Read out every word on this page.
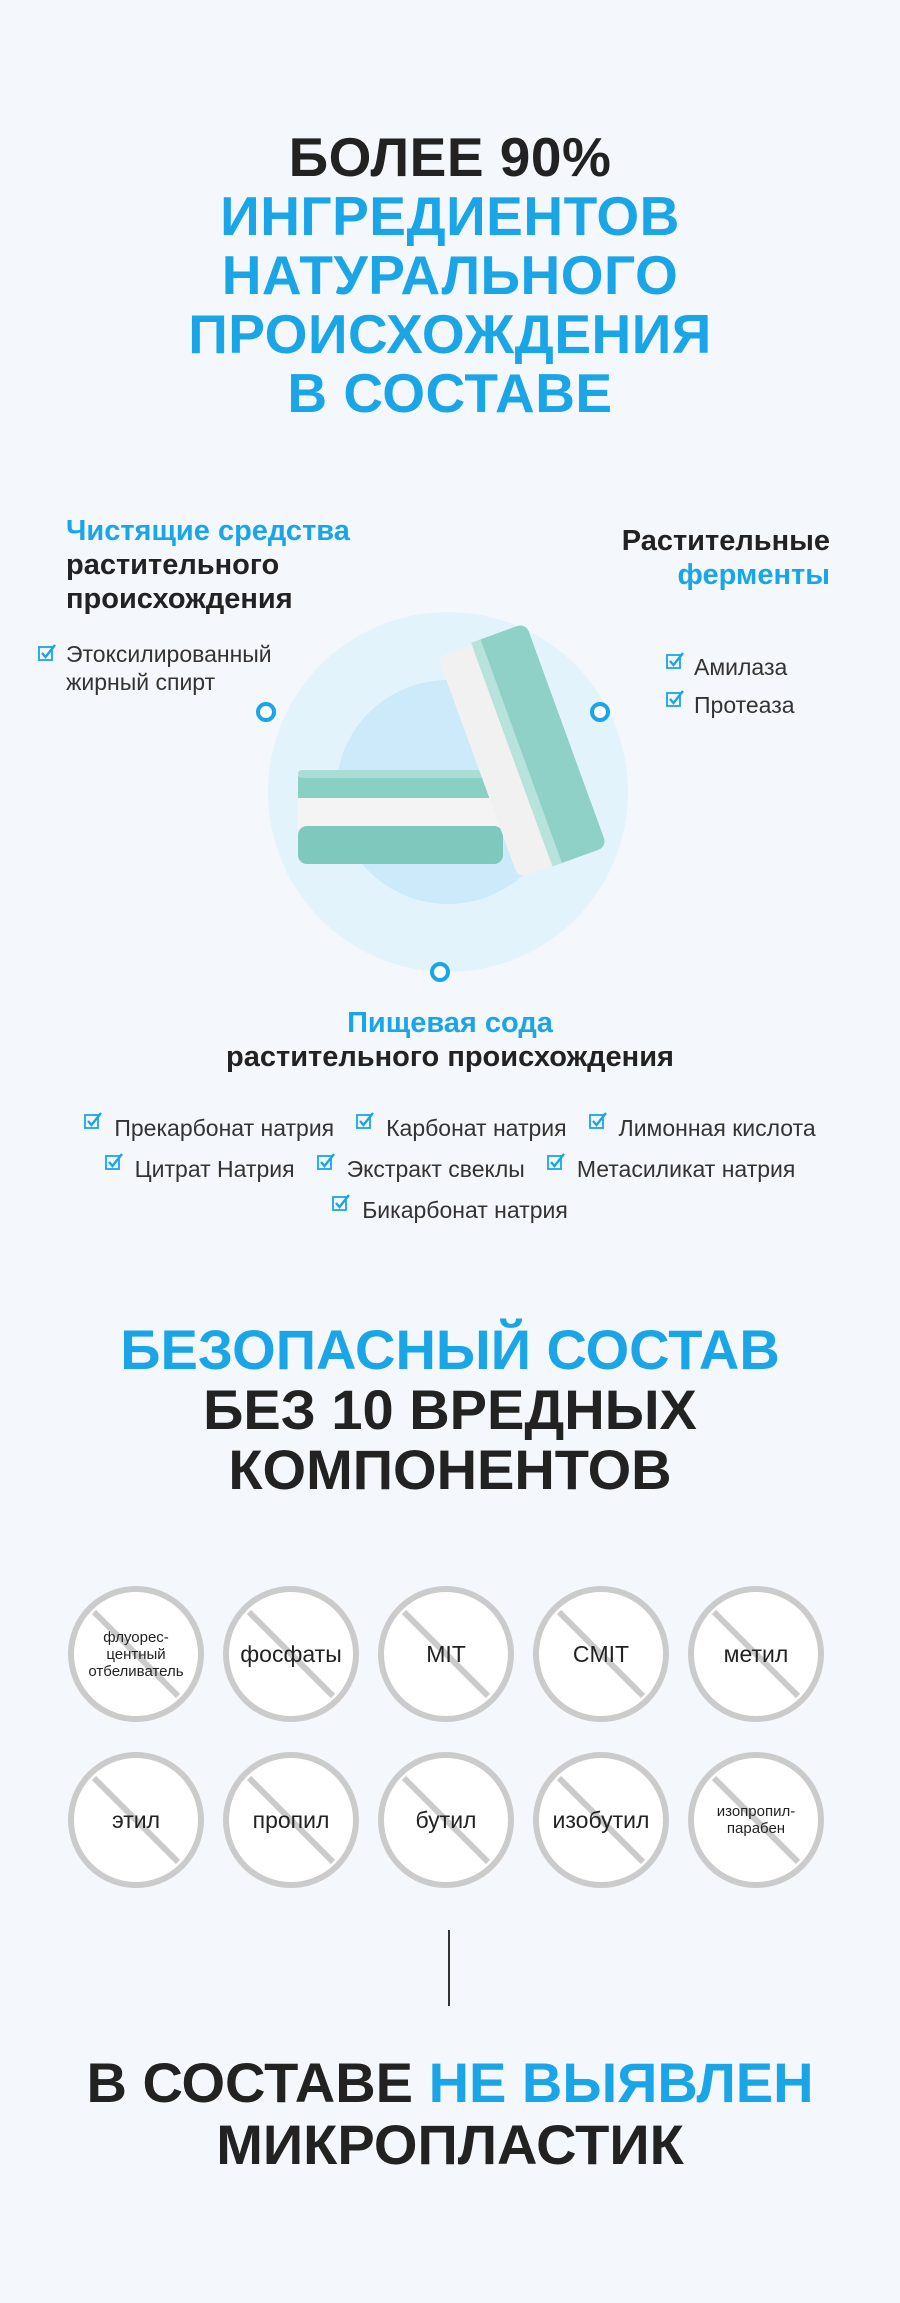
БОЛЕЕ 90%
ИНГРЕДИЕНТОВ
НАТУРАЛЬНОГО
ПРОИСХОЖДЕНИЯ
В СОСТАВЕ
Чистящие средства
растительного
происхождения
Этоксилированный
жирный спирт
Растительные
ферменты
Амилаза
Протеаза
Пищевая сода
растительного происхождения
Прекарбонат натрия Карбонат натрия Лимонная кислота
Цитрат Натрия Экстракт свеклы Метасиликат натрия
Бикарбонат натрия
БЕЗОПАСНЫЙ СОСТАВ
БЕЗ 10 ВРЕДНЫХ
КОМПОНЕНТОВ
флуорес-
центный
отбеливатель
фосфаты	MIT	CMIT	метил
этил	пропил	бутил	изобутил	изопропил-
парабен
В СОСТАВЕ НЕ ВЫЯВЛЕН
МИКРОПЛАСТИК
